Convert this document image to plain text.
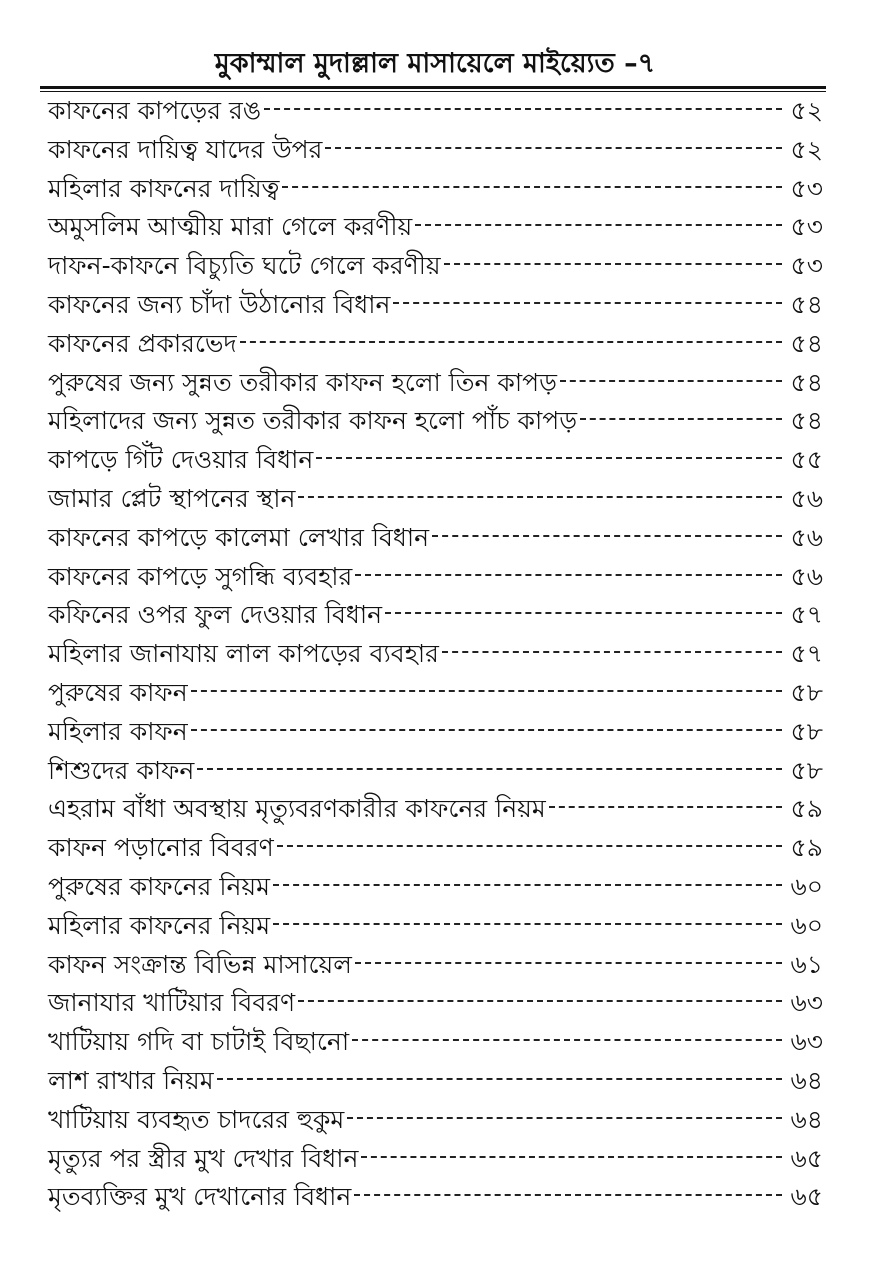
মুকাম্মাল মুদাল্লাল মাসায়েলে মাইয়্যেত –৭
কাফনের কাপড়ের রঙ	৫২
কাফনের দায়িত্ব যাদের উপর	৫২
মহিলার কাফনের দায়িত্ব	৫৩
অমুসলিম আত্মীয় মারা গেলে করণীয়	৫৩
দাফন-কাফনে বিচ্যুতি ঘটে গেলে করণীয়	৫৩
কাফনের জন্য চাঁদা উঠানোর বিধান	৫৪
কাফনের প্রকারভেদ	৫৪
পুরুষের জন্য সুন্নত তরীকার কাফন হলো তিন কাপড়	৫৪
মহিলাদের জন্য সুন্নত তরীকার কাফন হলো পাঁচ কাপড়	৫৪
কাপড়ে গিঁট দেওয়ার বিধান	৫৫
জামার প্লেট স্থাপনের স্থান	৫৬
কাফনের কাপড়ে কালেমা লেখার বিধান	৫৬
কাফনের কাপড়ে সুগন্ধি ব্যবহার	৫৬
কফিনের ওপর ফুল দেওয়ার বিধান	৫৭
মহিলার জানাযায় লাল কাপড়ের ব্যবহার	৫৭
পুরুষের কাফন	৫৮
মহিলার কাফন	৫৮
শিশুদের কাফন	৫৮
এহরাম বাঁধা অবস্থায় মৃত্যুবরণকারীর কাফনের নিয়ম	৫৯
কাফন পড়ানোর বিবরণ	৫৯
পুরুষের কাফনের নিয়ম	৬০
মহিলার কাফনের নিয়ম	৬০
কাফন সংক্রান্ত বিভিন্ন মাসায়েল	৬১
জানাযার খাটিয়ার বিবরণ	৬৩
খাটিয়ায় গদি বা চাটাই বিছানো	৬৩
লাশ রাখার নিয়ম	৬৪
খাটিয়ায় ব্যবহৃত চাদরের হুকুম	৬৪
মৃত্যুর পর স্ত্রীর মুখ দেখার বিধান	৬৫
মৃতব্যক্তির মুখ দেখানোর বিধান	৬৫
